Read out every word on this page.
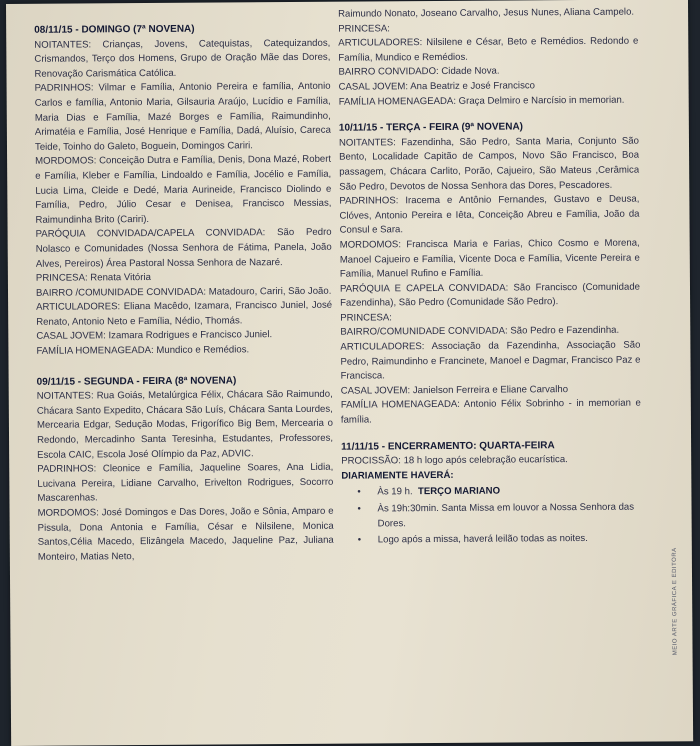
08/11/15 - DOMINGO (7ª NOVENA)

NOITANTES: Crianças, Jovens, Catequistas, Catequizandos, Crismandos, Terço dos Homens, Grupo de Oração Mãe das Dores, Renovação Carismática Católica.

PADRINHOS: Vilmar e Família, Antonio Pereira e família, Antonio Carlos e família, Antonio Maria, Gilsauria Araújo, Lucídio e Família, Maria Dias e Família, Mazé Borges e Família, Raimundinho, Arimatéia e Família, José Henrique e Família, Dadá, Aluísio, Careca Teide, Toinho do Galeto, Boguein, Domingos Cariri.

MORDOMOS: Conceição Dutra e Família, Denis, Dona Mazé, Robert e Família, Kleber e Família, Lindoaldo e Família, Jocélio e Família, Lucia Lima, Cleide e Dedé, Maria Aurineide, Francisco Diolindo e Família, Pedro, Júlio Cesar e Denisea, Francisco Messias, Raimundinha Brito (Cariri).

PARÓQUIA CONVIDADA/CAPELA CONVIDADA: São Pedro Nolasco e Comunidades (Nossa Senhora de Fátima, Panela, João Alves, Pereiros) Área Pastoral Nossa Senhora de Nazaré.

PRINCESA: Renata Vitória

BAIRRO /COMUNIDADE CONVIDADA: Matadouro, Cariri, São João.

ARTICULADORES: Eliana Macêdo, Izamara, Francisco Juniel, José Renato, Antonio Neto e Família, Nédio, Thomás.

CASAL JOVEM: Izamara Rodrigues e Francisco Juniel.

FAMÍLIA HOMENAGEADA: Mundico e Remédios.

09/11/15 - SEGUNDA - FEIRA (8ª NOVENA)

NOITANTES: Rua Goiás, Metalúrgica Félix, Chácara São Raimundo, Chácara Santo Expedito, Chácara São Luís, Chácara Santa Lourdes, Mercearia Edgar, Sedução Modas, Frigorífico Big Bem, Mercearia o Redondo, Mercadinho Santa Teresinha, Estudantes, Professores, Escola CAIC, Escola José Olímpio da Paz, ADVIC.

PADRINHOS: Cleonice e Família, Jaqueline Soares, Ana Lidia, Lucivana Pereira, Lidiane Carvalho, Erivelton Rodrigues, Socorro Mascarenhas.

MORDOMOS: José Domingos e Das Dores, João e Sônia, Amparo e Pissula, Dona Antonia e Família, César e Nilsilene, Monica Santos,Célia Macedo, Elizângela Macedo, Jaqueline Paz, Juliana Monteiro, Matias Neto,

Raimundo Nonato, Joseano Carvalho, Jesus Nunes, Aliana Campelo.

PRINCESA:

ARTICULADORES: Nilsilene e César, Beto e Remédios. Redondo e Família, Mundico e Remédios.

BAIRRO CONVIDADO: Cidade Nova.

CASAL JOVEM: Ana Beatriz e José Francisco

FAMÍLIA HOMENAGEADA: Graça Delmiro e Narcísio in memorian.

10/11/15 - TERÇA - FEIRA (9ª NOVENA)

NOITANTES: Fazendinha, São Pedro, Santa Maria, Conjunto São Bento, Localidade Capitão de Campos, Novo São Francisco, Boa passagem, Chácara Carlito, Porão, Cajueiro, São Mateus ,Cerâmica São Pedro, Devotos de Nossa Senhora das Dores, Pescadores.

PADRINHOS: Iracema e Antônio Fernandes, Gustavo e Deusa, Clóves, Antonio Pereira e Iêta, Conceição Abreu e Família, João da Consul e Sara.

MORDOMOS: Francisca Maria e Farias, Chico Cosmo e Morena, Manoel Cajueiro e Família, Vicente Doca e Família, Vicente Pereira e Família, Manuel Rufino e Família.

PARÓQUIA E CAPELA CONVIDADA: São Francisco (Comunidade Fazendinha), São Pedro (Comunidade São Pedro).

PRINCESA:

BAIRRO/COMUNIDADE CONVIDADA: São Pedro e Fazendinha.

ARTICULADORES: Associação da Fazendinha, Associação São Pedro, Raimundinho e Francinete, Manoel e Dagmar, Francisco Paz e Francisca.

CASAL JOVEM: Janielson Ferreira e Eliane Carvalho

FAMÍLIA HOMENAGEADA: Antonio Félix Sobrinho - in memorian e família.

11/11/15 - ENCERRAMENTO: QUARTA-FEIRA

PROCISSÃO: 18 h logo após celebração eucarística.

DIARIAMENTE HAVERÁ:

• Às 19 h. TERÇO MARIANO
• Às 19h:30min. Santa Missa em louvor a Nossa Senhora das Dores.
• Logo após a missa, haverá leilão todas as noites.
MEIO ARTE GRÁFICA E EDITORA
